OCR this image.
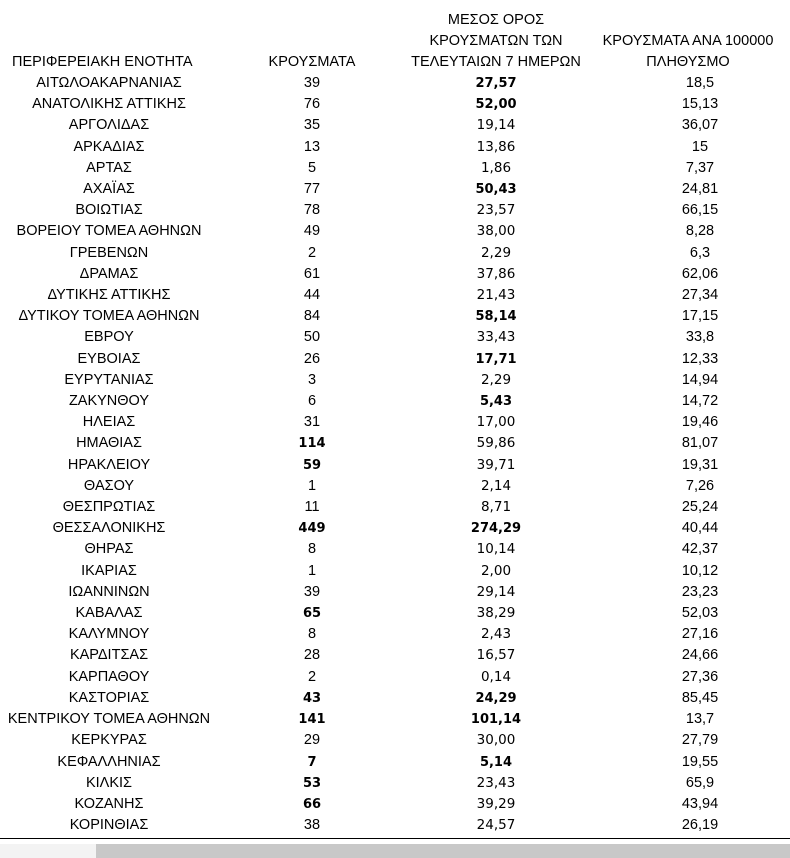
ΠΕΡΙΦΕΡΕΙΑΚΗ ΕΝΟΤΗΤΑ	ΚΡΟΥΣΜΑΤΑ	ΜΕΣΟΣ ΟΡΟΣ
ΚΡΟΥΣΜΑΤΩΝ ΤΩΝ
ΤΕΛΕΥΤΑΙΩΝ 7 ΗΜΕΡΩΝ	ΚΡΟΥΣΜΑΤΑ ΑΝΑ 100000
ΠΛΗΘΥΣΜΟ

ΑΙΤΩΛΟΑΚΑΡΝΑΝΙΑΣ	39	27,57	18,5
ΑΝΑΤΟΛΙΚΗΣ ΑΤΤΙΚΗΣ	76	52,00	15,13
ΑΡΓΟΛΙΔΑΣ	35	19,14	36,07
ΑΡΚΑΔΙΑΣ	13	13,86	15
ΑΡΤΑΣ	5	1,86	7,37
ΑΧΑΪΑΣ	77	50,43	24,81
ΒΟΙΩΤΙΑΣ	78	23,57	66,15
ΒΟΡΕΙΟΥ ΤΟΜΕΑ ΑΘΗΝΩΝ	49	38,00	8,28
ΓΡΕΒΕΝΩΝ	2	2,29	6,3
ΔΡΑΜΑΣ	61	37,86	62,06
ΔΥΤΙΚΗΣ ΑΤΤΙΚΗΣ	44	21,43	27,34
ΔΥΤΙΚΟΥ ΤΟΜΕΑ ΑΘΗΝΩΝ	84	58,14	17,15
ΕΒΡΟΥ	50	33,43	33,8
ΕΥΒΟΙΑΣ	26	17,71	12,33
ΕΥΡΥΤΑΝΙΑΣ	3	2,29	14,94
ΖΑΚΥΝΘΟΥ	6	5,43	14,72
ΗΛΕΙΑΣ	31	17,00	19,46
ΗΜΑΘΙΑΣ	114	59,86	81,07
ΗΡΑΚΛΕΙΟΥ	59	39,71	19,31
ΘΑΣΟΥ	1	2,14	7,26
ΘΕΣΠΡΩΤΙΑΣ	11	8,71	25,24
ΘΕΣΣΑΛΟΝΙΚΗΣ	449	274,29	40,44
ΘΗΡΑΣ	8	10,14	42,37
ΙΚΑΡΙΑΣ	1	2,00	10,12
ΙΩΑΝΝΙΝΩΝ	39	29,14	23,23
ΚΑΒΑΛΑΣ	65	38,29	52,03
ΚΑΛΥΜΝΟΥ	8	2,43	27,16
ΚΑΡΔΙΤΣΑΣ	28	16,57	24,66
ΚΑΡΠΑΘΟΥ	2	0,14	27,36
ΚΑΣΤΟΡΙΑΣ	43	24,29	85,45
ΚΕΝΤΡΙΚΟΥ ΤΟΜΕΑ ΑΘΗΝΩΝ	141	101,14	13,7
ΚΕΡΚΥΡΑΣ	29	30,00	27,79
ΚΕΦΑΛΛΗΝΙΑΣ	7	5,14	19,55
ΚΙΛΚΙΣ	53	23,43	65,9
ΚΟΖΑΝΗΣ	66	39,29	43,94
ΚΟΡΙΝΘΙΑΣ	38	24,57	26,19
